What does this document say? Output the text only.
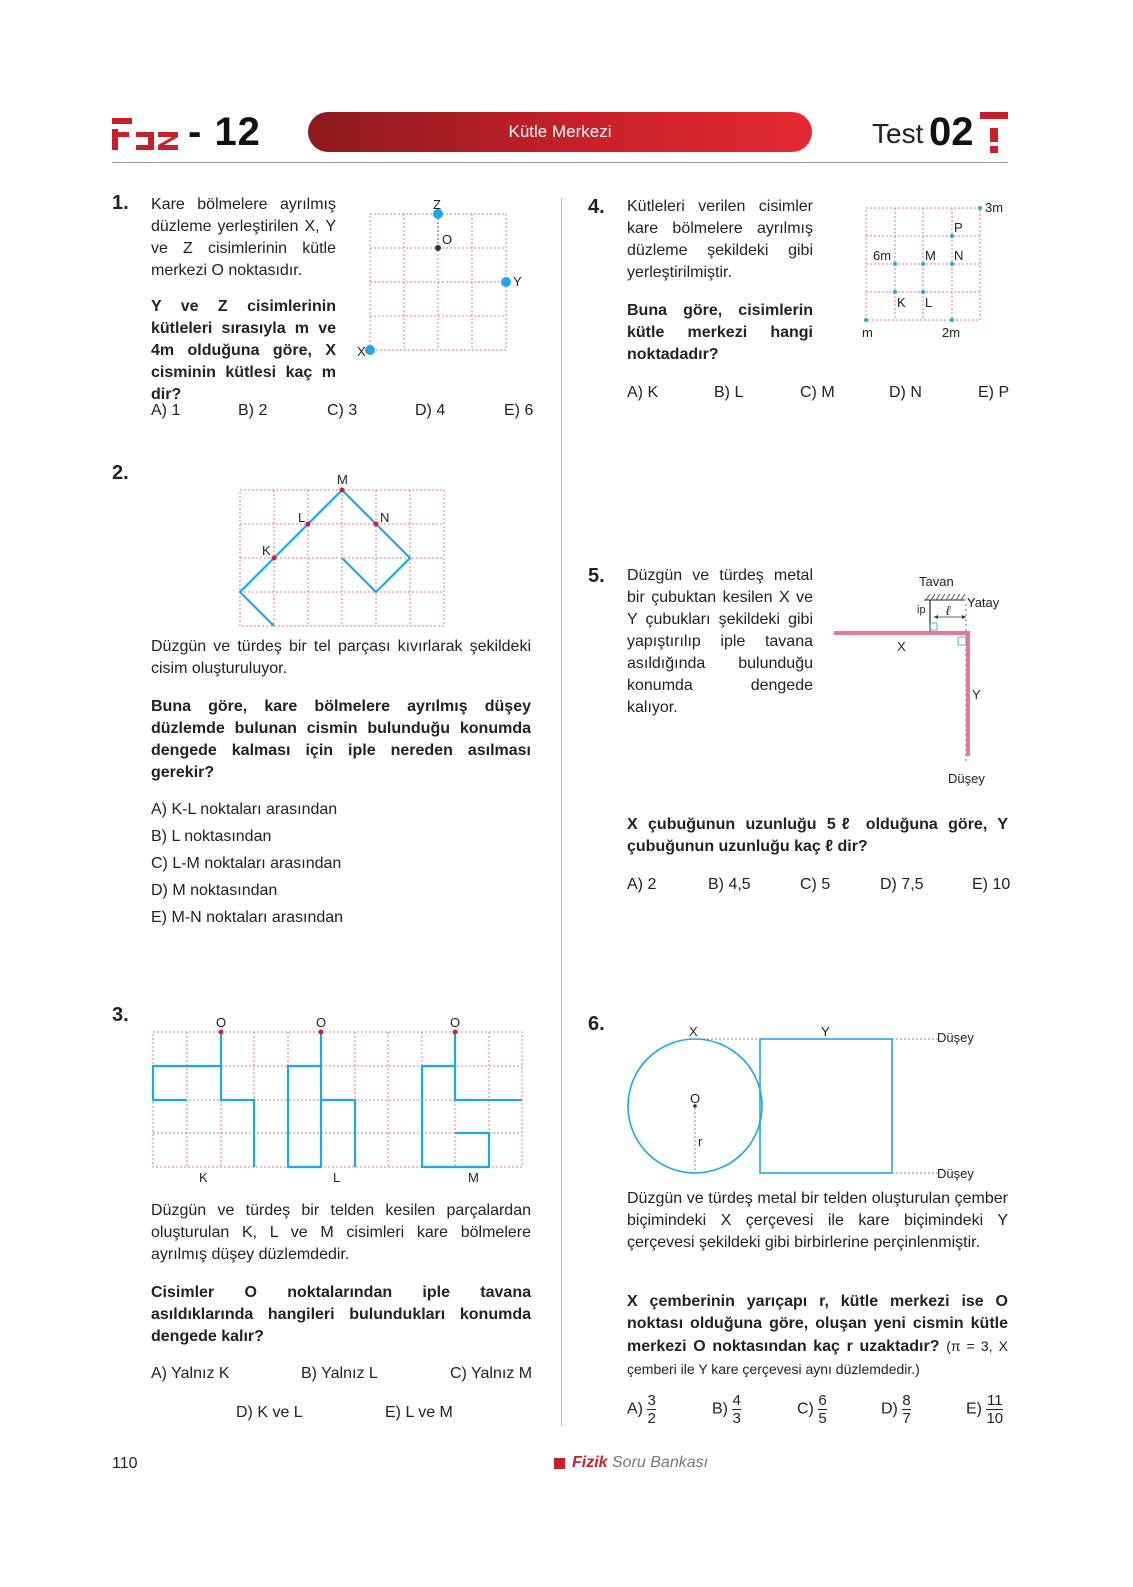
- 12	Kütle Merkezi	Test 02
1. Kare bölmelere ayrılmış düzleme yerleştirilen X, Y ve Z cisimlerinin kütle merkezi O noktasıdır.
Y ve Z cisimlerinin kütleleri sırasıyla m ve 4m olduğuna göre, X cisminin kütlesi kaç m dir?
Z
O
Y
X
A) 1	B) 2	C) 3	D) 4	E) 6
2.	M
L	N
K
Düzgün ve türdeş bir tel parçası kıvırlarak şekildeki cisim oluşturuluyor.
Buna göre, kare bölmelere ayrılmış düşey düzlemde bulunan cismin bulunduğu konumda dengede kalması için iple nereden asılması gerekir?
A) K-L noktaları arasından
B) L noktasından
C) L-M noktaları arasından
D) M noktasından
E) M-N noktaları arasından
3.	O	O	O
K	L	M
Düzgün ve türdeş bir telden kesilen parçalardan oluşturulan K, L ve M cisimleri kare bölmelere ayrılmış düşey düzlemdedir.
Cisimler O noktalarından iple tavana asıldıklarında hangileri bulundukları konumda dengede kalır?
A) Yalnız K	B) Yalnız L	C) Yalnız M
D) K ve L	E) L ve M
4. Kütleleri verilen cisimler kare bölmelere ayrılmış düzleme şekildeki gibi yerleştirilmiştir.
Buna göre, cisimlerin kütle merkezi hangi noktadadır?
3m
P
6m	M N
K L
m	2m
A) K	B) L	C) M	D) N	E) P
5. Düzgün ve türdeş metal bir çubuktan kesilen X ve Y çubukları şekildeki gibi yapıştırılıp iple tavana asıldığında bulunduğu konumda dengede kalıyor.
Tavan
Yatay
ip ℓ
X
Y
Düşey
X çubuğunun uzunluğu 5ℓ olduğuna göre, Y çubuğunun uzunluğu kaç ℓ dir?
A) 2	B) 4,5	C) 5	D) 7,5	E) 10
6.	X	Y	Düşey
O
r
Düşey
Düzgün ve türdeş metal bir telden oluşturulan çember biçimindeki X çerçevesi ile kare biçimindeki Y çerçevesi şekildeki gibi birbirlerine perçinlenmiştir.
X çemberinin yarıçapı r, kütle merkezi ise O noktası olduğuna göre, oluşan yeni cismin kütle merkezi O noktasından kaç r uzaktadır? (π = 3, X çemberi ile Y kare çerçevesi aynı düzlemdedir.)
$A) \frac{3}{2}$	$B) \frac{4}{3}$	$C) \frac{6}{5}$	$D) \frac{8}{7}$	$E) \frac{11}{10}$
110	Fizik Soru Bankası
